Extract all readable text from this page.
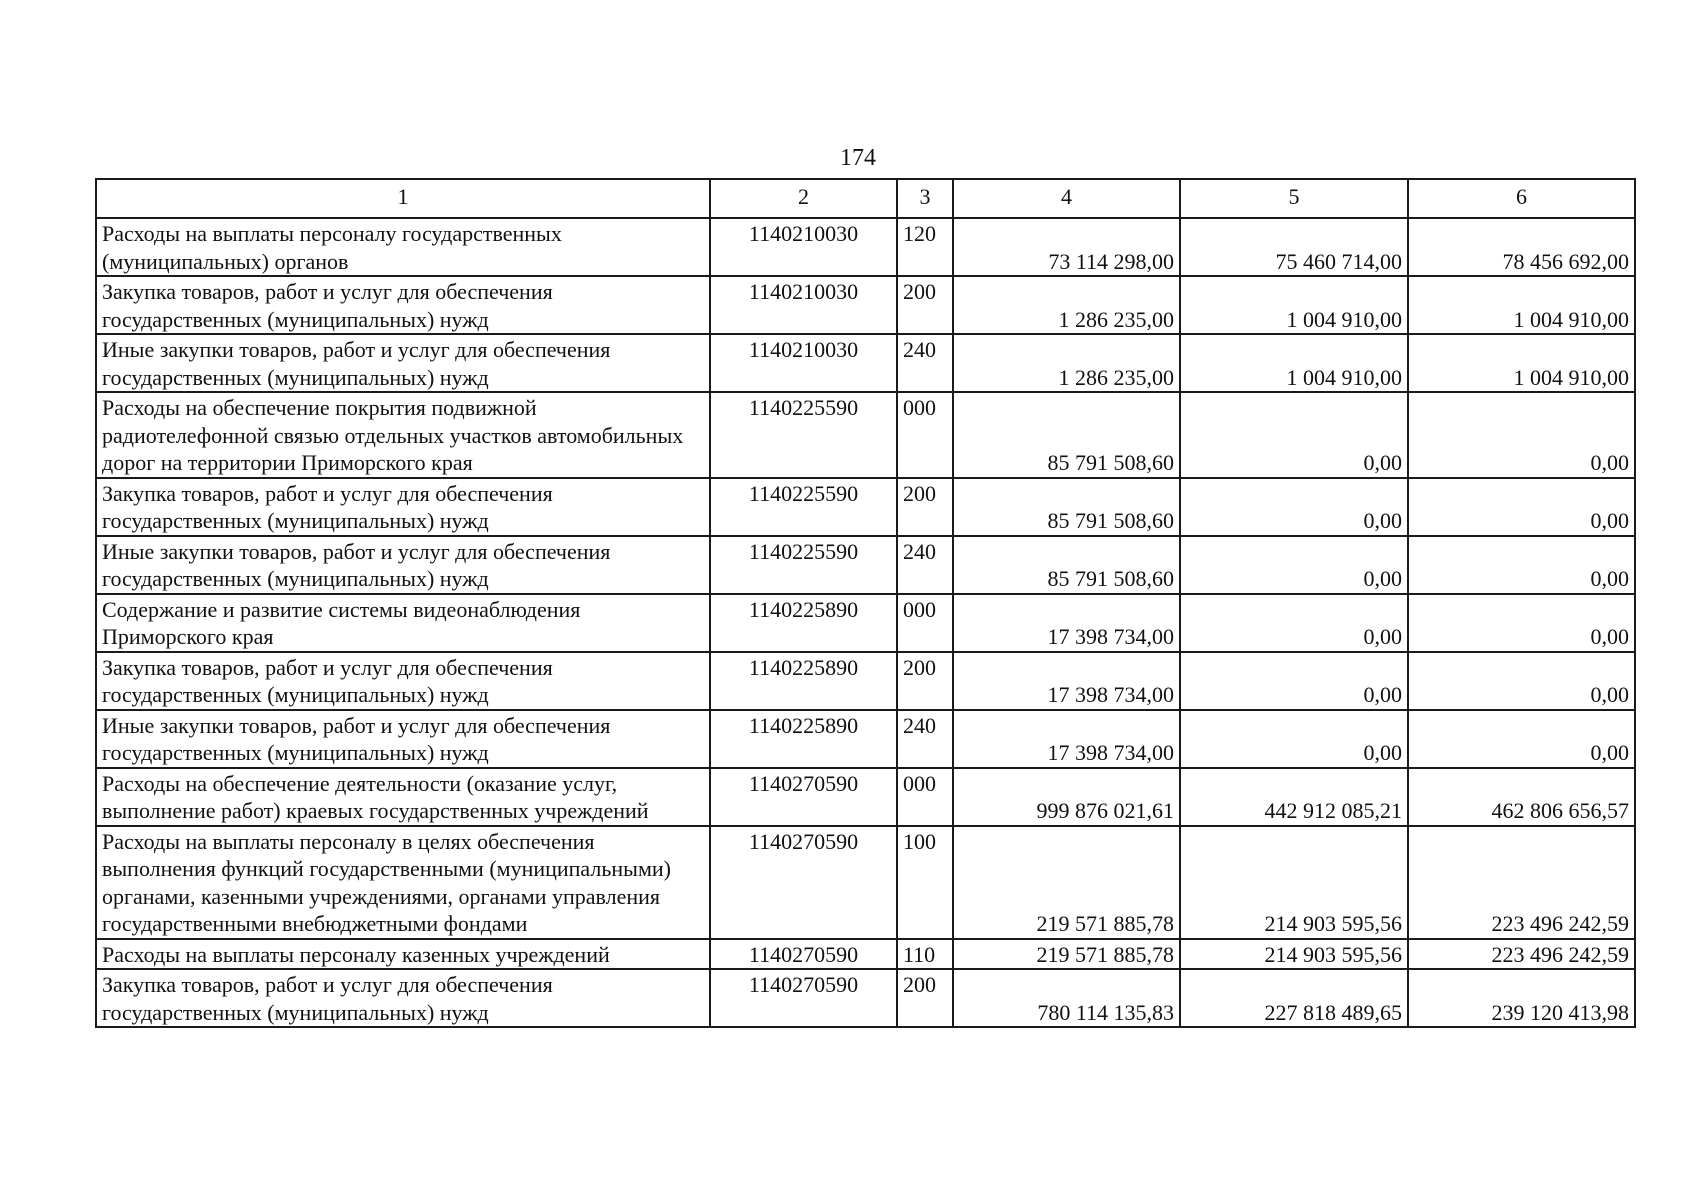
174
1	2	3	4	5	6
Расходы на выплаты персоналу государственных (муниципальных) органов	1140210030	120	73 114 298,00	75 460 714,00	78 456 692,00
Закупка товаров, работ и услуг для обеспечения государственных (муниципальных) нужд	1140210030	200	1 286 235,00	1 004 910,00	1 004 910,00
Иные закупки товаров, работ и услуг для обеспечения государственных (муниципальных) нужд	1140210030	240	1 286 235,00	1 004 910,00	1 004 910,00
Расходы на обеспечение покрытия подвижной радиотелефонной связью отдельных участков автомобильных дорог на территории Приморского края	1140225590	000	85 791 508,60	0,00	0,00
Закупка товаров, работ и услуг для обеспечения государственных (муниципальных) нужд	1140225590	200	85 791 508,60	0,00	0,00
Иные закупки товаров, работ и услуг для обеспечения государственных (муниципальных) нужд	1140225590	240	85 791 508,60	0,00	0,00
Содержание и развитие системы видеонаблюдения Приморского края	1140225890	000	17 398 734,00	0,00	0,00
Закупка товаров, работ и услуг для обеспечения государственных (муниципальных) нужд	1140225890	200	17 398 734,00	0,00	0,00
Иные закупки товаров, работ и услуг для обеспечения государственных (муниципальных) нужд	1140225890	240	17 398 734,00	0,00	0,00
Расходы на обеспечение деятельности (оказание услуг, выполнение работ) краевых государственных учреждений	1140270590	000	999 876 021,61	442 912 085,21	462 806 656,57
Расходы на выплаты персоналу в целях обеспечения выполнения функций государственными (муниципальными) органами, казенными учреждениями, органами управления государственными внебюджетными фондами	1140270590	100	219 571 885,78	214 903 595,56	223 496 242,59
Расходы на выплаты персоналу казенных учреждений	1140270590	110	219 571 885,78	214 903 595,56	223 496 242,59
Закупка товаров, работ и услуг для обеспечения государственных (муниципальных) нужд	1140270590	200	780 114 135,83	227 818 489,65	239 120 413,98
